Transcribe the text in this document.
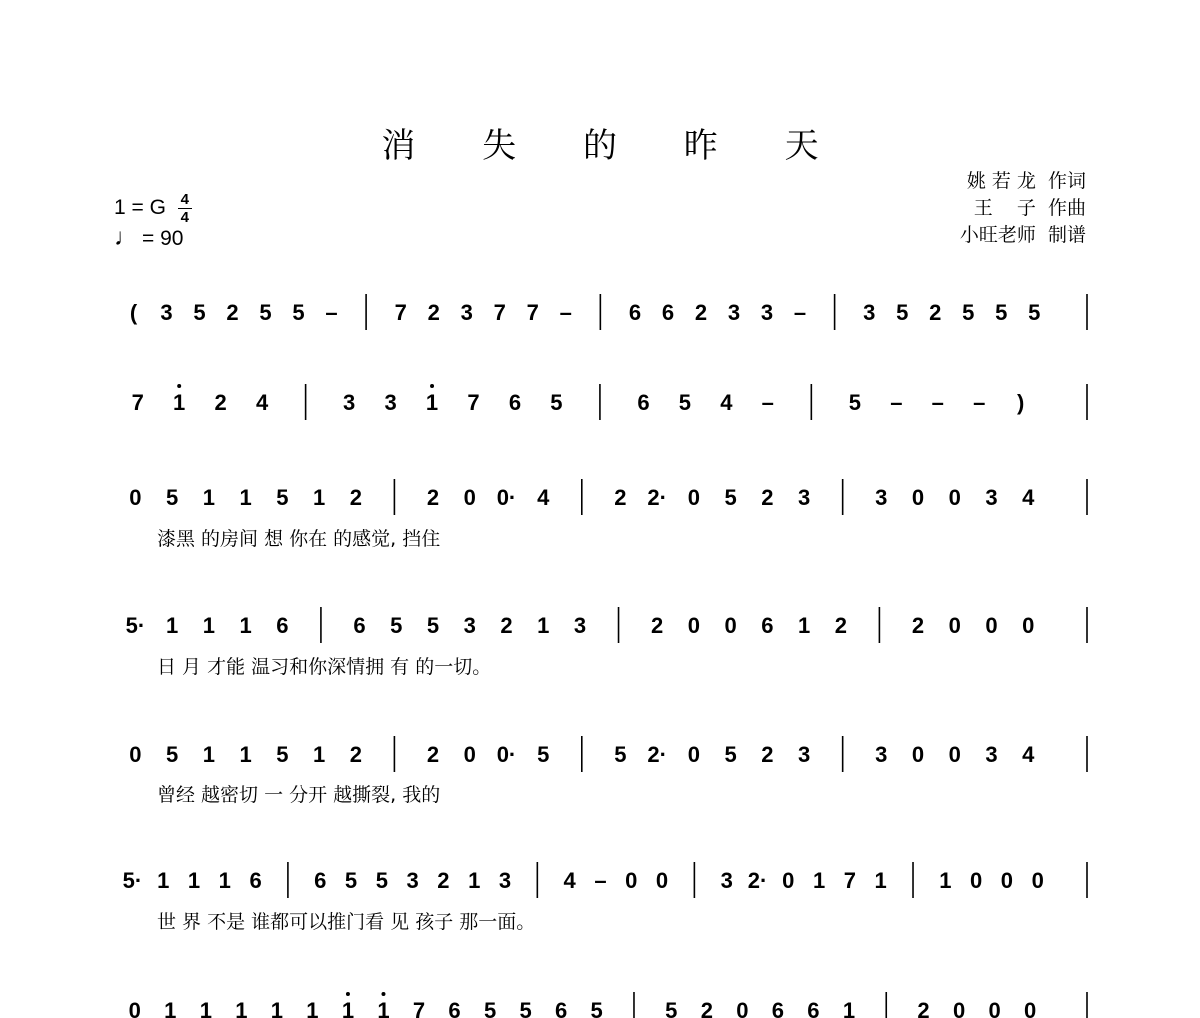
消 失 的 昨 天
姚 若 龙  作词
王    子  作曲
小旺老师  制谱
1 = G $\frac{4}{4}$
♩ = 90
( 3 5 2 5 5 –	7 2 3 7 7 –	6 6 2 3 3 –	3 5 2 5 5 5
7 1 2 4	3 3 1 7 6 5	6 5 4 –	5 – – – )
0 5 1 1 5 1 2	2 0 0· 4	2 2· 0 5 2 3	3 0 0 3 4
漆黑 的房间 想 你在 的感觉, 挡住
5· 1 1 1 6	6 5 5 3 2 1 3	2 0 0 6 1 2	2 0 0 0
日 月 才能 温习和你深情拥 有 的一切。
0 5 1 1 5 1 2	2 0 0· 5	5 2· 0 5 2 3	3 0 0 3 4
曾经 越密切 一 分开 越撕裂, 我的
5· 1 1 1 6 6 5 5 3 2 1 3 4 – 0 0 3 2· 0 1 7 1 1 0 0 0
世 界 不是 谁都可以推门看 见 孩子 那一面。
0 1 1 1 1 1 1 1 7 6 5 5 6 5	5 2 0 6 6 1	2 0 0 0
